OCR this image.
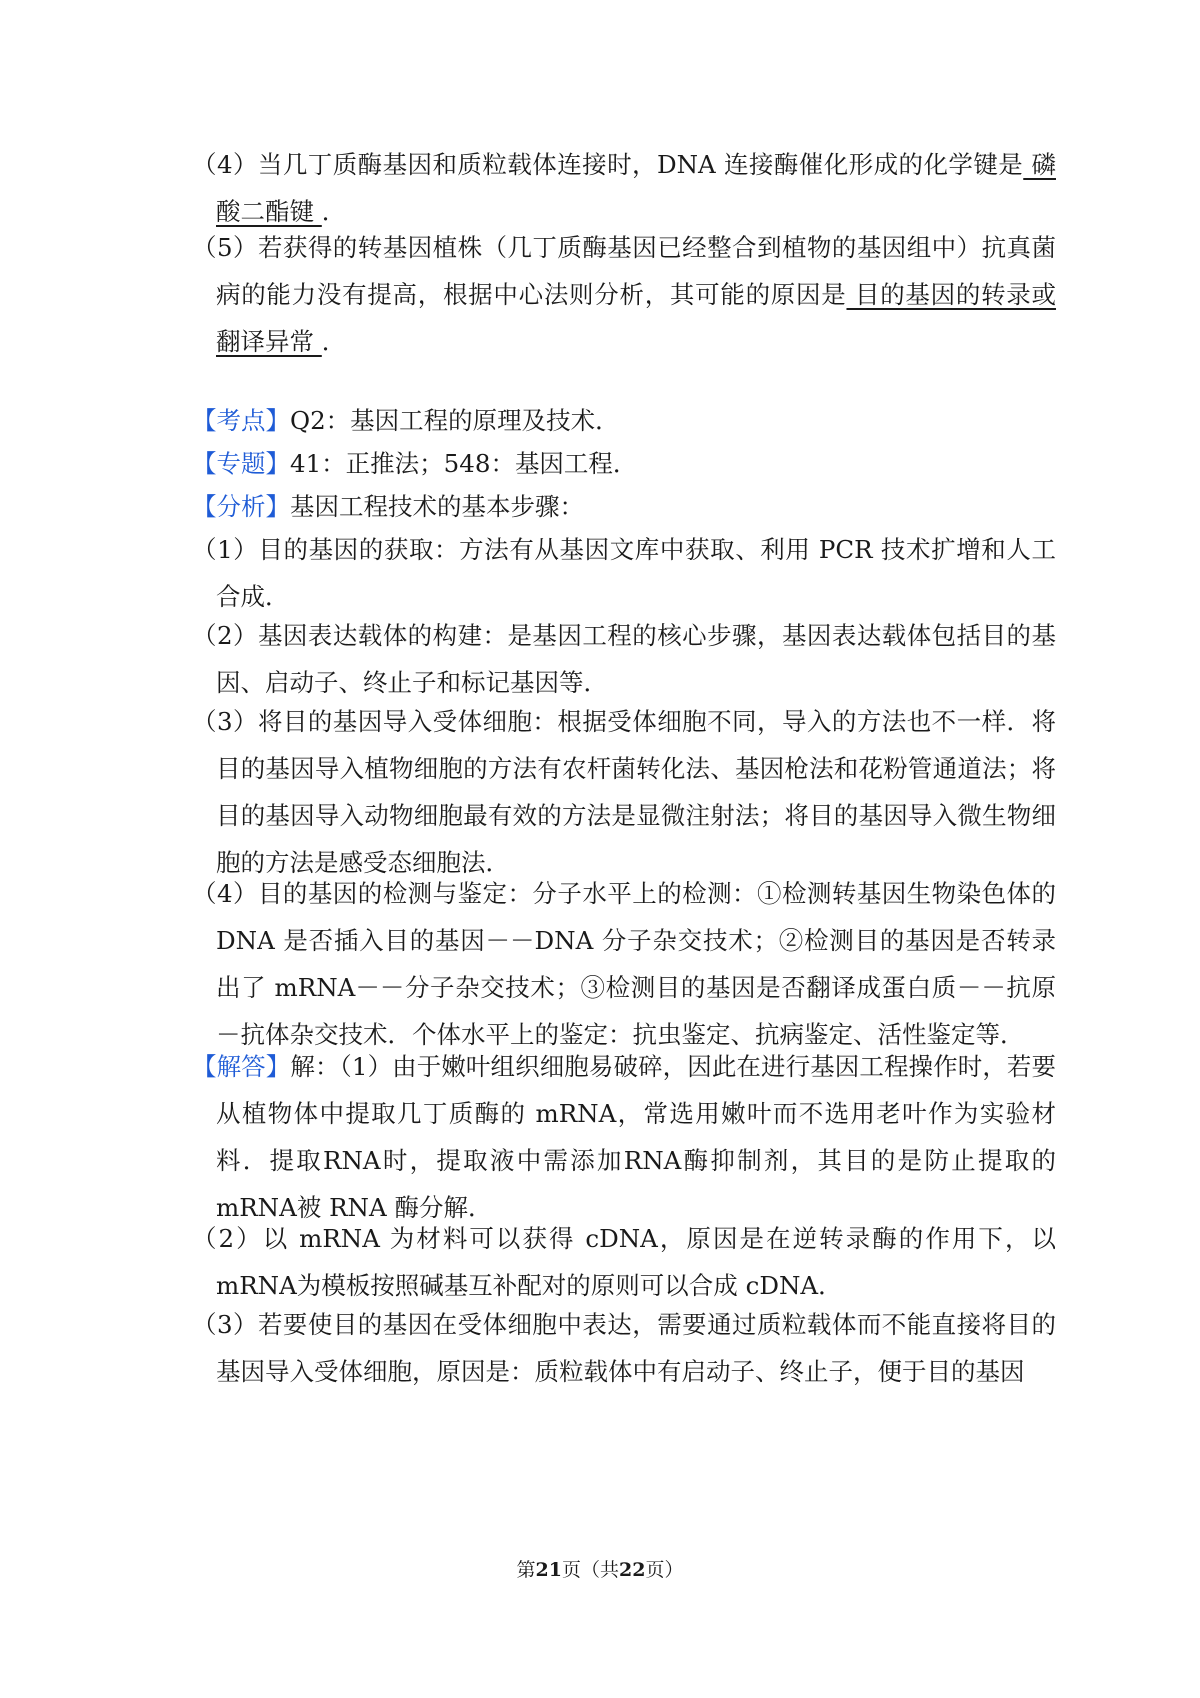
（4）当几丁质酶基因和质粒载体连接时，DNA 连接酶催化形成的化学键是 磷酸二酯键 ．

（5）若获得的转基因植株（几丁质酶基因已经整合到植物的基因组中）抗真菌病的能力没有提高，根据中心法则分析，其可能的原因是 目的基因的转录或翻译异常 ．

【考点】Q2：基因工程的原理及技术．

【专题】41：正推法；548：基因工程．

【分析】基因工程技术的基本步骤：

（1）目的基因的获取：方法有从基因文库中获取、利用 PCR 技术扩增和人工合成．

（2）基因表达载体的构建：是基因工程的核心步骤，基因表达载体包括目的基因、启动子、终止子和标记基因等．

（3）将目的基因导入受体细胞：根据受体细胞不同，导入的方法也不一样．将目的基因导入植物细胞的方法有农杆菌转化法、基因枪法和花粉管通道法；将目的基因导入动物细胞最有效的方法是显微注射法；将目的基因导入微生物细胞的方法是感受态细胞法．

（4）目的基因的检测与鉴定：分子水平上的检测：①检测转基因生物染色体的 DNA 是否插入目的基因－－DNA 分子杂交技术；②检测目的基因是否转录出了 mRNA－－分子杂交技术；③检测目的基因是否翻译成蛋白质－－抗原－抗体杂交技术．个体水平上的鉴定：抗虫鉴定、抗病鉴定、活性鉴定等．

【解答】解：（1）由于嫩叶组织细胞易破碎，因此在进行基因工程操作时，若要从植物体中提取几丁质酶的 mRNA，常选用嫩叶而不选用老叶作为实验材料．提取RNA时，提取液中需添加RNA酶抑制剂，其目的是防止提取的mRNA被 RNA 酶分解．

（2）以 mRNA 为材料可以获得 cDNA，原因是在逆转录酶的作用下，以 mRNA为模板按照碱基互补配对的原则可以合成 cDNA．

（3）若要使目的基因在受体细胞中表达，需要通过质粒载体而不能直接将目的基因导入受体细胞，原因是：质粒载体中有启动子、终止子，便于目的基因

第21页（共22页）
